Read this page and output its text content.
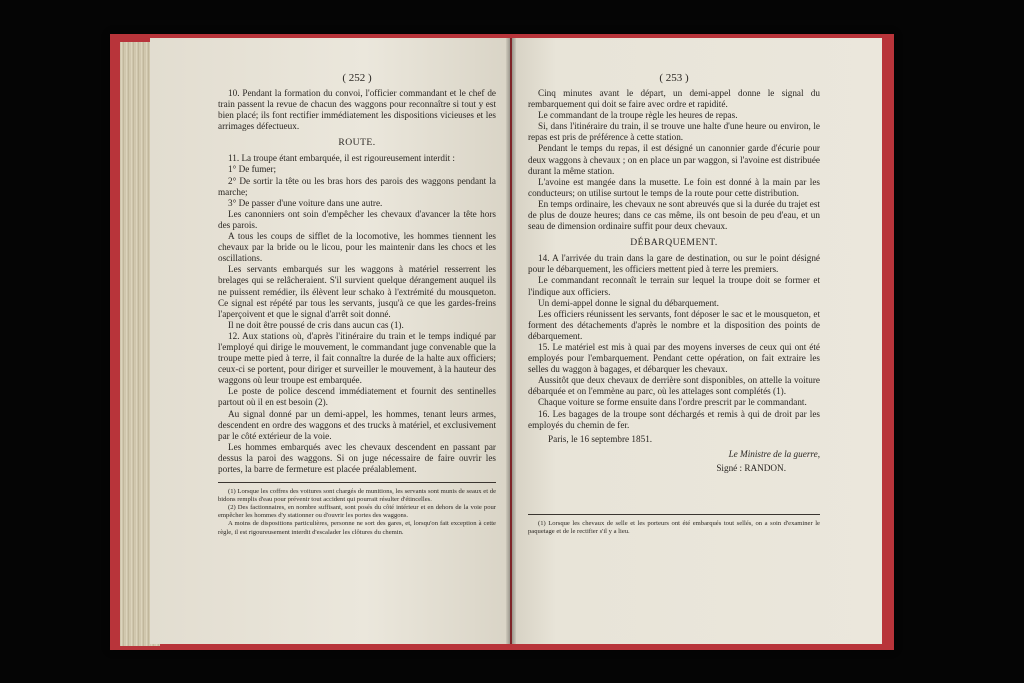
( 252 )

10. Pendant la formation du convoi, l'officier commandant et le chef de train passent la revue de chacun des waggons pour reconnaître si tout y est bien placé; ils font rectifier immédiatement les dispositions vicieuses et les arrimages défectueux.

ROUTE.

11. La troupe étant embarquée, il est rigoureusement interdit :

1° De fumer;

2° De sortir la tête ou les bras hors des parois des waggons pendant la marche;

3° De passer d'une voiture dans une autre.

Les canonniers ont soin d'empêcher les chevaux d'avancer la tête hors des parois.

A tous les coups de sifflet de la locomotive, les hommes tiennent les chevaux par la bride ou le licou, pour les maintenir dans les chocs et les oscillations.

Les servants embarqués sur les waggons à matériel resserrent les brelages qui se relâcheraient. S'il survient quelque dérangement auquel ils ne puissent remédier, ils élèvent leur schako à l'extrémité du mousqueton. Ce signal est répété par tous les servants, jusqu'à ce que les gardes-freins l'aperçoivent et que le signal d'arrêt soit donné.

Il ne doit être poussé de cris dans aucun cas (1).

12. Aux stations où, d'après l'itinéraire du train et le temps indiqué par l'employé qui dirige le mouvement, le commandant juge convenable que la troupe mette pied à terre, il fait connaître la durée de la halte aux officiers; ceux-ci se portent, pour diriger et surveiller le mouvement, à la hauteur des waggons où leur troupe est embarquée.

Le poste de police descend immédiatement et fournit des sentinelles partout où il en est besoin (2).

Au signal donné par un demi-appel, les hommes, tenant leurs armes, descendent en ordre des waggons et des trucks à matériel, et exclusivement par le côté extérieur de la voie.

Les hommes embarqués avec les chevaux descendent en passant par dessus la paroi des waggons. Si on juge nécessaire de faire ouvrir les portes, la barre de fermeture est placée préalablement.

(1) Lorsque les coffres des voitures sont chargés de munitions, les servants sont munis de seaux et de bidons remplis d'eau pour prévenir tout accident qui pourrait résulter d'étincelles.

(2) Des factionnaires, en nombre suffisant, sont posés du côté intérieur et en dehors de la voie pour empêcher les hommes d'y stationner ou d'ouvrir les portes des waggons.

A moins de dispositions particulières, personne ne sort des gares, et, lorsqu'on fait exception à cette règle, il est rigoureusement interdit d'escalader les clôtures du chemin.

( 253 )

Cinq minutes avant le départ, un demi-appel donne le signal du rembarquement qui doit se faire avec ordre et rapidité.

Le commandant de la troupe règle les heures de repas.

Si, dans l'itinéraire du train, il se trouve une halte d'une heure ou environ, le repas est pris de préférence à cette station.

Pendant le temps du repas, il est désigné un canonnier garde d'écurie pour deux waggons à chevaux ; on en place un par waggon, si l'avoine est distribuée durant la même station.

L'avoine est mangée dans la musette. Le foin est donné à la main par les conducteurs; on utilise surtout le temps de la route pour cette distribution.

En temps ordinaire, les chevaux ne sont abreuvés que si la durée du trajet est de plus de douze heures; dans ce cas même, ils ont besoin de peu d'eau, et un seau de dimension ordinaire suffit pour deux chevaux.

DÉBARQUEMENT.

14. A l'arrivée du train dans la gare de destination, ou sur le point désigné pour le débarquement, les officiers mettent pied à terre les premiers.

Le commandant reconnaît le terrain sur lequel la troupe doit se former et l'indique aux officiers.

Un demi-appel donne le signal du débarquement.

Les officiers réunissent les servants, font déposer le sac et le mousqueton, et forment des détachements d'après le nombre et la disposition des points de débarquement.

15. Le matériel est mis à quai par des moyens inverses de ceux qui ont été employés pour l'embarquement. Pendant cette opération, on fait extraire les selles du waggon à bagages, et débarquer les chevaux.

Aussitôt que deux chevaux de derrière sont disponibles, on attelle la voiture débarquée et on l'emmène au parc, où les attelages sont complétés (1).

Chaque voiture se forme ensuite dans l'ordre prescrit par le commandant.

16. Les bagages de la troupe sont déchargés et remis à qui de droit par les employés du chemin de fer.

Paris, le 16 septembre 1851.

Le Ministre de la guerre,

Signé : RANDON.

(1) Lorsque les chevaux de selle et les porteurs ont été embarqués tout sellés, on a soin d'examiner le paquetage et de le rectifier s'il y a lieu.
